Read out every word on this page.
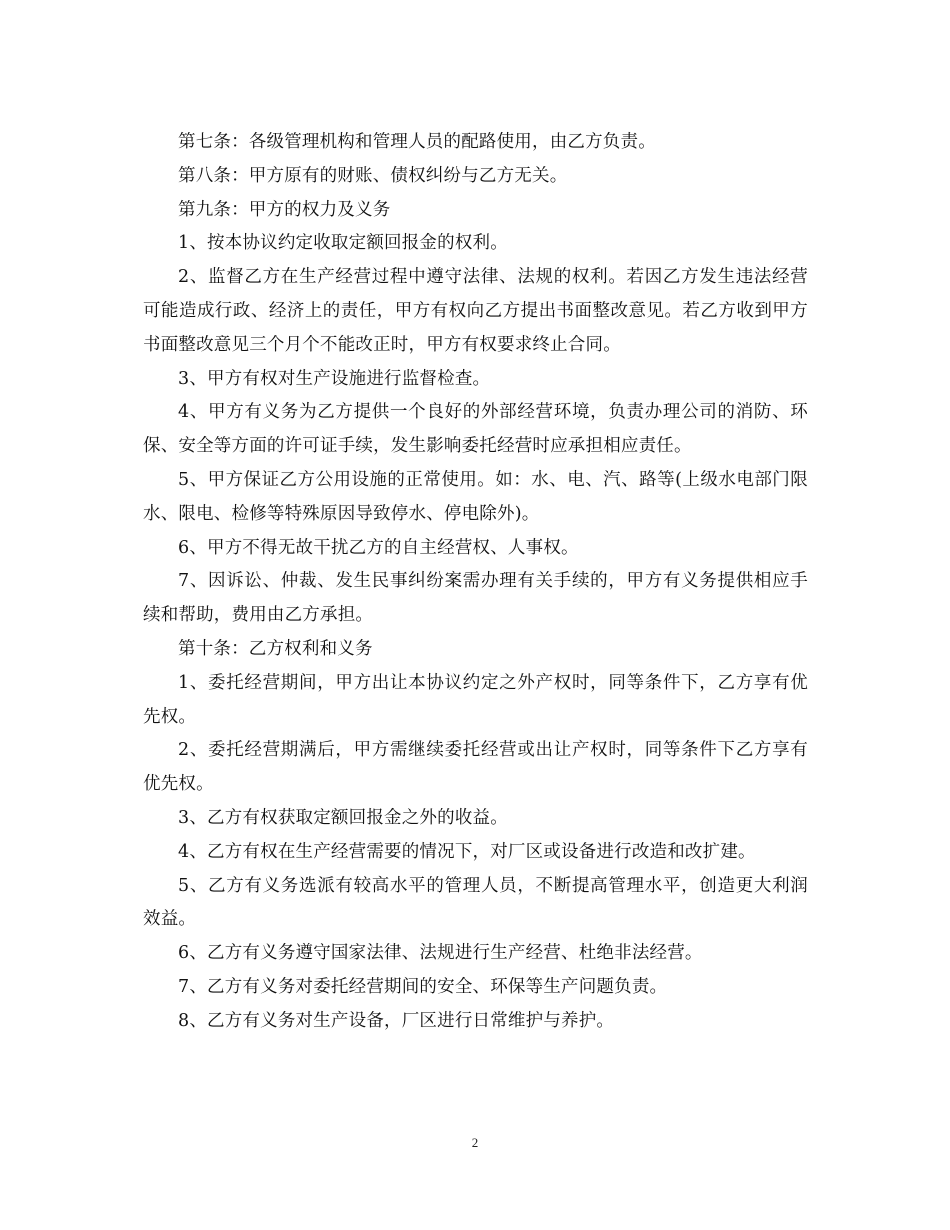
第七条：各级管理机构和管理人员的配路使用，由乙方负责。

第八条：甲方原有的财账、债权纠纷与乙方无关。

第九条：甲方的权力及义务

1、按本协议约定收取定额回报金的权利。

2、监督乙方在生产经营过程中遵守法律、法规的权利。若因乙方发生违法经营可能造成行政、经济上的责任，甲方有权向乙方提出书面整改意见。若乙方收到甲方书面整改意见三个月个不能改正时，甲方有权要求终止合同。

3、甲方有权对生产设施进行监督检查。

4、甲方有义务为乙方提供一个良好的外部经营环境，负责办理公司的消防、环保、安全等方面的许可证手续，发生影响委托经营时应承担相应责任。

5、甲方保证乙方公用设施的正常使用。如：水、电、汽、路等(上级水电部门限水、限电、检修等特殊原因导致停水、停电除外)。

6、甲方不得无故干扰乙方的自主经营权、人事权。

7、因诉讼、仲裁、发生民事纠纷案需办理有关手续的，甲方有义务提供相应手续和帮助，费用由乙方承担。

第十条：乙方权利和义务

1、委托经营期间，甲方出让本协议约定之外产权时，同等条件下，乙方享有优先权。

2、委托经营期满后，甲方需继续委托经营或出让产权时，同等条件下乙方享有优先权。

3、乙方有权获取定额回报金之外的收益。

4、乙方有权在生产经营需要的情况下，对厂区或设备进行改造和改扩建。

5、乙方有义务选派有较高水平的管理人员，不断提高管理水平，创造更大利润效益。

6、乙方有义务遵守国家法律、法规进行生产经营、杜绝非法经营。

7、乙方有义务对委托经营期间的安全、环保等生产问题负责。

8、乙方有义务对生产设备，厂区进行日常维护与养护。

2
